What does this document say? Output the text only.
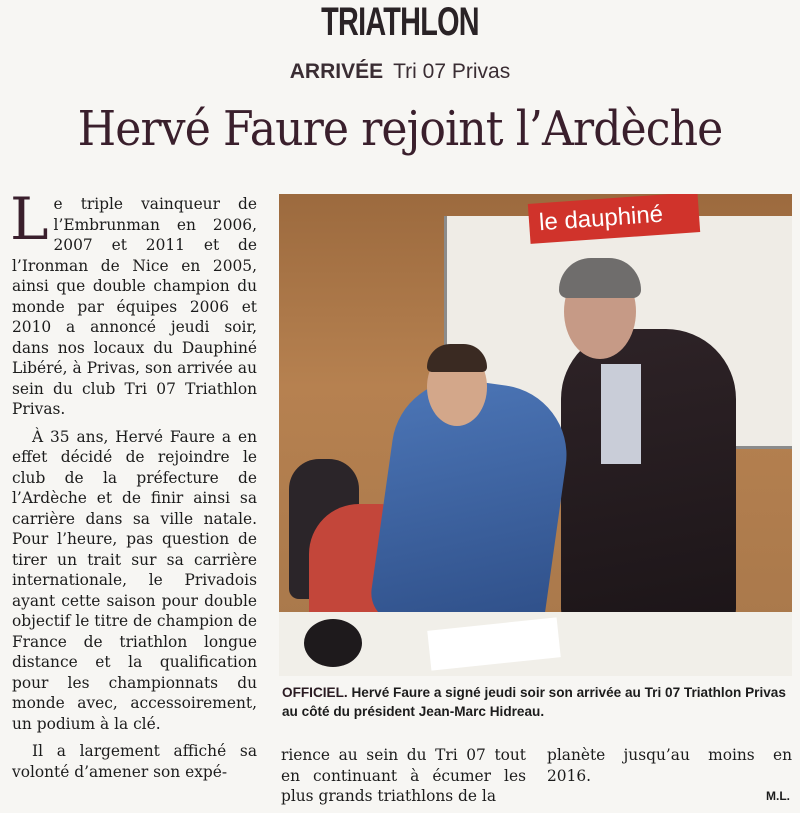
TRIATHLON
ARRIVÉE Tri 07 Privas
Hervé Faure rejoint l’Ardèche

Le triple vainqueur de l’Embrunman en 2006, 2007 et 2011 et de l’Ironman de Nice en 2005, ainsi que double champion du monde par équipes 2006 et 2010 a annoncé jeudi soir, dans nos locaux du Dauphiné Libéré, à Privas, son arrivée au sein du club Tri 07 Triathlon Privas.

À 35 ans, Hervé Faure a en effet décidé de rejoindre le club de la préfecture de l’Ardèche et de finir ainsi sa carrière dans sa ville natale. Pour l’heure, pas question de tirer un trait sur sa carrière internationale, le Privadois ayant cette saison pour double objectif le titre de champion de France de triathlon longue distance et la qualification pour les championnats du monde avec, accessoirement, un podium à la clé.

Il a largement affiché sa volonté d’amener son expé-

le dauphiné
OFFICIEL. Hervé Faure a signé jeudi soir son arrivée au Tri 07 Triathlon Privas au côté du président Jean-Marc Hidreau.

rience au sein du Tri 07 tout en continuant à écumer les plus grands triathlons de la

planète jusqu’au moins en 2016.

M.L.
